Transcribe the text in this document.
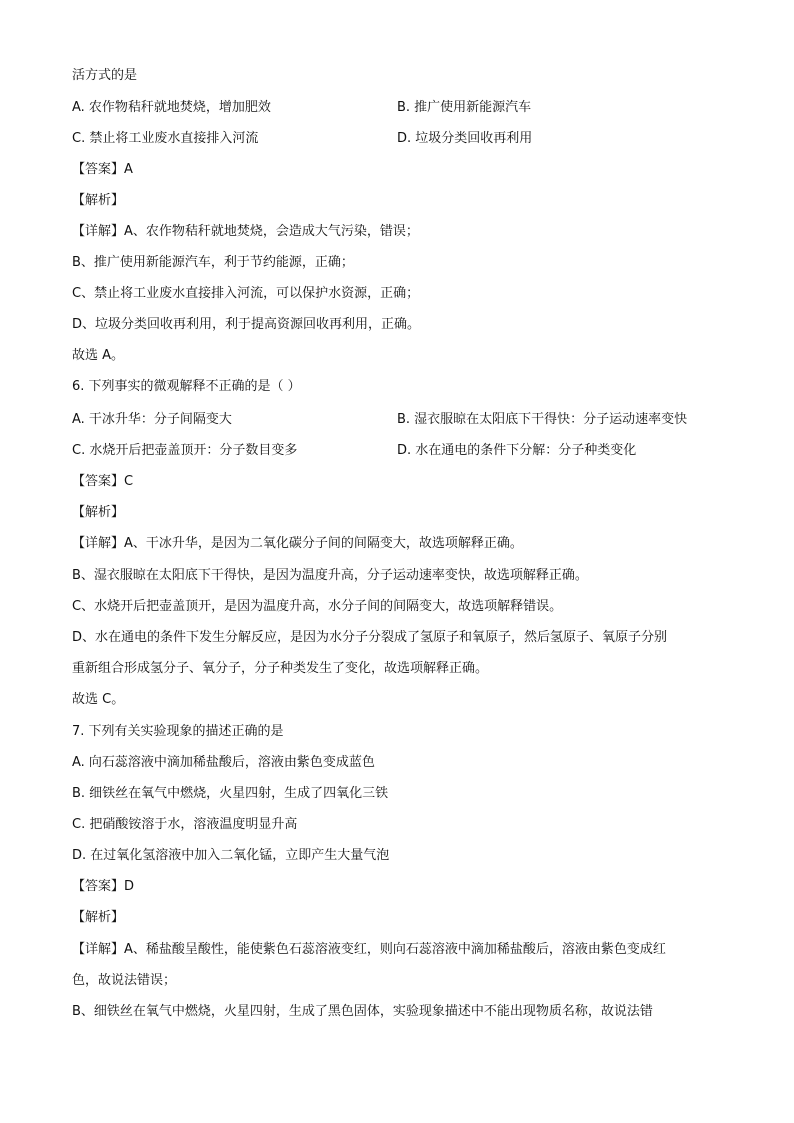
活方式的是
A. 农作物秸秆就地焚烧，增加肥效	B. 推广使用新能源汽车
C. 禁止将工业废水直接排入河流	D. 垃圾分类回收再利用
【答案】A
【解析】
【详解】A、农作物秸秆就地焚烧，会造成大气污染，错误；
B、推广使用新能源汽车，利于节约能源，正确；
C、禁止将工业废水直接排入河流，可以保护水资源，正确；
D、垃圾分类回收再利用，利于提高资源回收再利用，正确。
故选 A。
6. 下列事实的微观解释不正确的是（ ）
A. 干冰升华：分子间隔变大	B. 湿衣服晾在太阳底下干得快：分子运动速率变快
C. 水烧开后把壶盖顶开：分子数目变多	D. 水在通电的条件下分解：分子种类变化
【答案】C
【解析】
【详解】A、干冰升华，是因为二氧化碳分子间的间隔变大，故选项解释正确。
B、湿衣服晾在太阳底下干得快，是因为温度升高，分子运动速率变快，故选项解释正确。
C、水烧开后把壶盖顶开，是因为温度升高，水分子间的间隔变大，故选项解释错误。
D、水在通电的条件下发生分解反应，是因为水分子分裂成了氢原子和氧原子，然后氢原子、氧原子分别
重新组合形成氢分子、氧分子，分子种类发生了变化，故选项解释正确。
故选 C。
7. 下列有关实验现象的描述正确的是
A. 向石蕊溶液中滴加稀盐酸后，溶液由紫色变成蓝色
B. 细铁丝在氧气中燃烧，火星四射，生成了四氧化三铁
C. 把硝酸铵溶于水，溶液温度明显升高
D. 在过氧化氢溶液中加入二氧化锰，立即产生大量气泡
【答案】D
【解析】
【详解】A、稀盐酸呈酸性，能使紫色石蕊溶液变红，则向石蕊溶液中滴加稀盐酸后，溶液由紫色变成红
色，故说法错误；
B、细铁丝在氧气中燃烧，火星四射，生成了黑色固体，实验现象描述中不能出现物质名称，故说法错
